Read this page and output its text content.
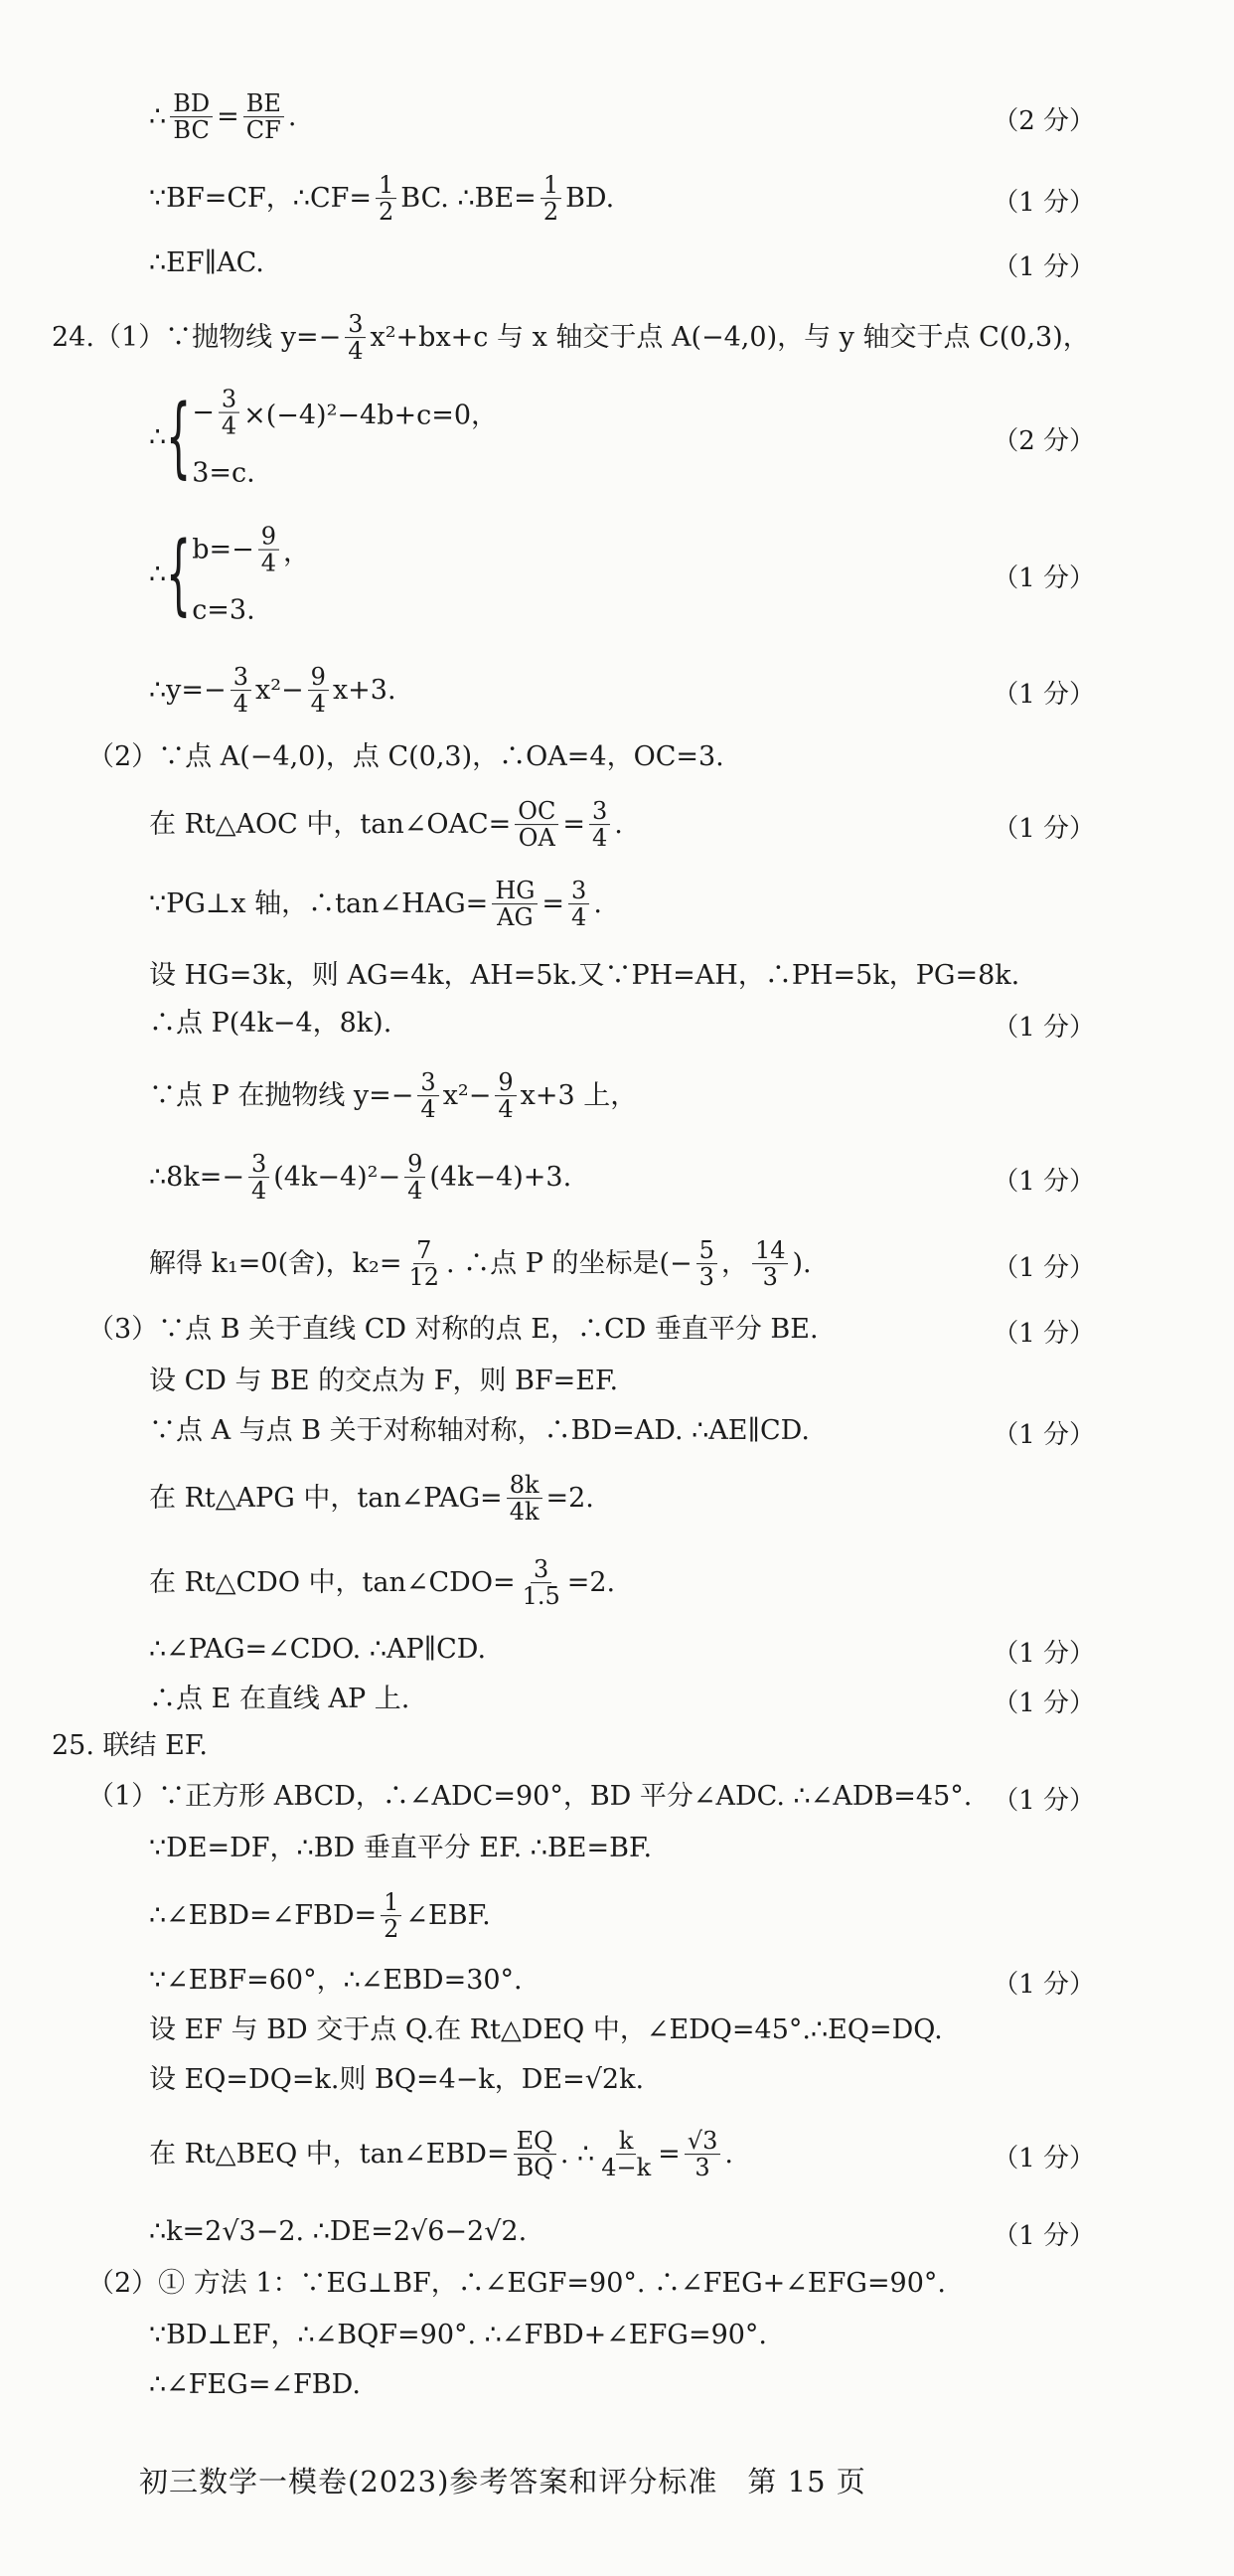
∴ $\frac{BD}{BC} = \frac{BE}{CF}$ .	（2 分）
∵BF=CF，∴CF= $\frac{1}{2}$ BC. ∴BE= $\frac{1}{2}$ BD.	（1 分）
∴EF∥AC.	（1 分）
24.（1）∵抛物线 $y=- \frac{3}{4} x^2+bx+c$ 与 x 轴交于点 A(−4,0)，与 y 轴交于点 C(0,3)，
∴y=− $\frac{3}{4} x^2- \frac{9}{4} x+3$.	（1 分）
（2）∵点 A(−4,0)，点 C(0,3)，∴OA=4，OC=3.
在 Rt△AOC 中，tan∠OAC= $\frac{OC}{OA} = \frac{3}{4}$ .	（1 分）
∵PG⊥x 轴，∴tan∠HAG= $\frac{HG}{AG} = \frac{3}{4}$ .
设 HG=3k，则 AG=4k，AH=5k.又∵PH=AH，∴PH=5k，PG=8k.
∴点 P(4k−4，8k).	（1 分）
∵点 P 在抛物线 $y=- \frac{3}{4} x^2- \frac{9}{4} x+3$ 上，
∴8k=− $\frac{3}{4} (4k-4)^2- \frac{9}{4} (4k-4)+3$.	（1 分）
解得 k₁=0(舍)，$k_2= \frac{7}{12}$ . ∴点 P 的坐标是(− $\frac{5}{3}$ ， $\frac{14}{3}$ ).	（1 分）
（3）∵点 B 关于直线 CD 对称的点 E，∴CD 垂直平分 BE.	（1 分）
设 CD 与 BE 的交点为 F，则 BF=EF.
∵点 A 与点 B 关于对称轴对称，∴BD=AD. ∴AE∥CD.	（1 分）
在 Rt△APG 中，tan∠PAG= $\frac{8k}{4k} =2$.
在 Rt△CDO 中，tan∠CDO= $\frac{3}{1.5} =2$.
∴∠PAG=∠CDO. ∴AP∥CD.	（1 分）
∴点 E 在直线 AP 上.	（1 分）
25. 联结 EF.
（1）∵正方形 ABCD，∴∠ADC=90°，BD 平分∠ADC. ∴∠ADB=45°. （1 分）
∵DE=DF，∴BD 垂直平分 EF. ∴BE=BF.
∴∠EBD=∠FBD= $\frac{1}{2}$ ∠EBF.
∵∠EBF=60°，∴∠EBD=30°.	（1 分）
设 EF 与 BD 交于点 Q.在 Rt△DEQ 中，∠EDQ=45°.∴EQ=DQ.
设 EQ=DQ=k.则 BQ=4−k，DE=√2k.
在 Rt△BEQ 中，tan∠EBD= $\frac{EQ}{BQ}$ . ∴ $\frac{k}{4-k} = \frac{√3}{3}$ .	（1 分）
∴k=2√3−2. ∴DE=2√6−2√2.	（1 分）
（2）① 方法 1：∵EG⊥BF，∴∠EGF=90°. ∴∠FEG+∠EFG=90°.
∵BD⊥EF，∴∠BQF=90°. ∴∠FBD+∠EFG=90°.
∴∠FEG=∠FBD.
∴ { − $\frac{3}{4} \times(-4)^2-4b+c=0$，
3=c.
（2 分）
∴ { $b=- \frac{9}{4}$ ，
c=3.
（1 分）
初三数学一模卷(2023)参考答案和评分标准　第 15 页
